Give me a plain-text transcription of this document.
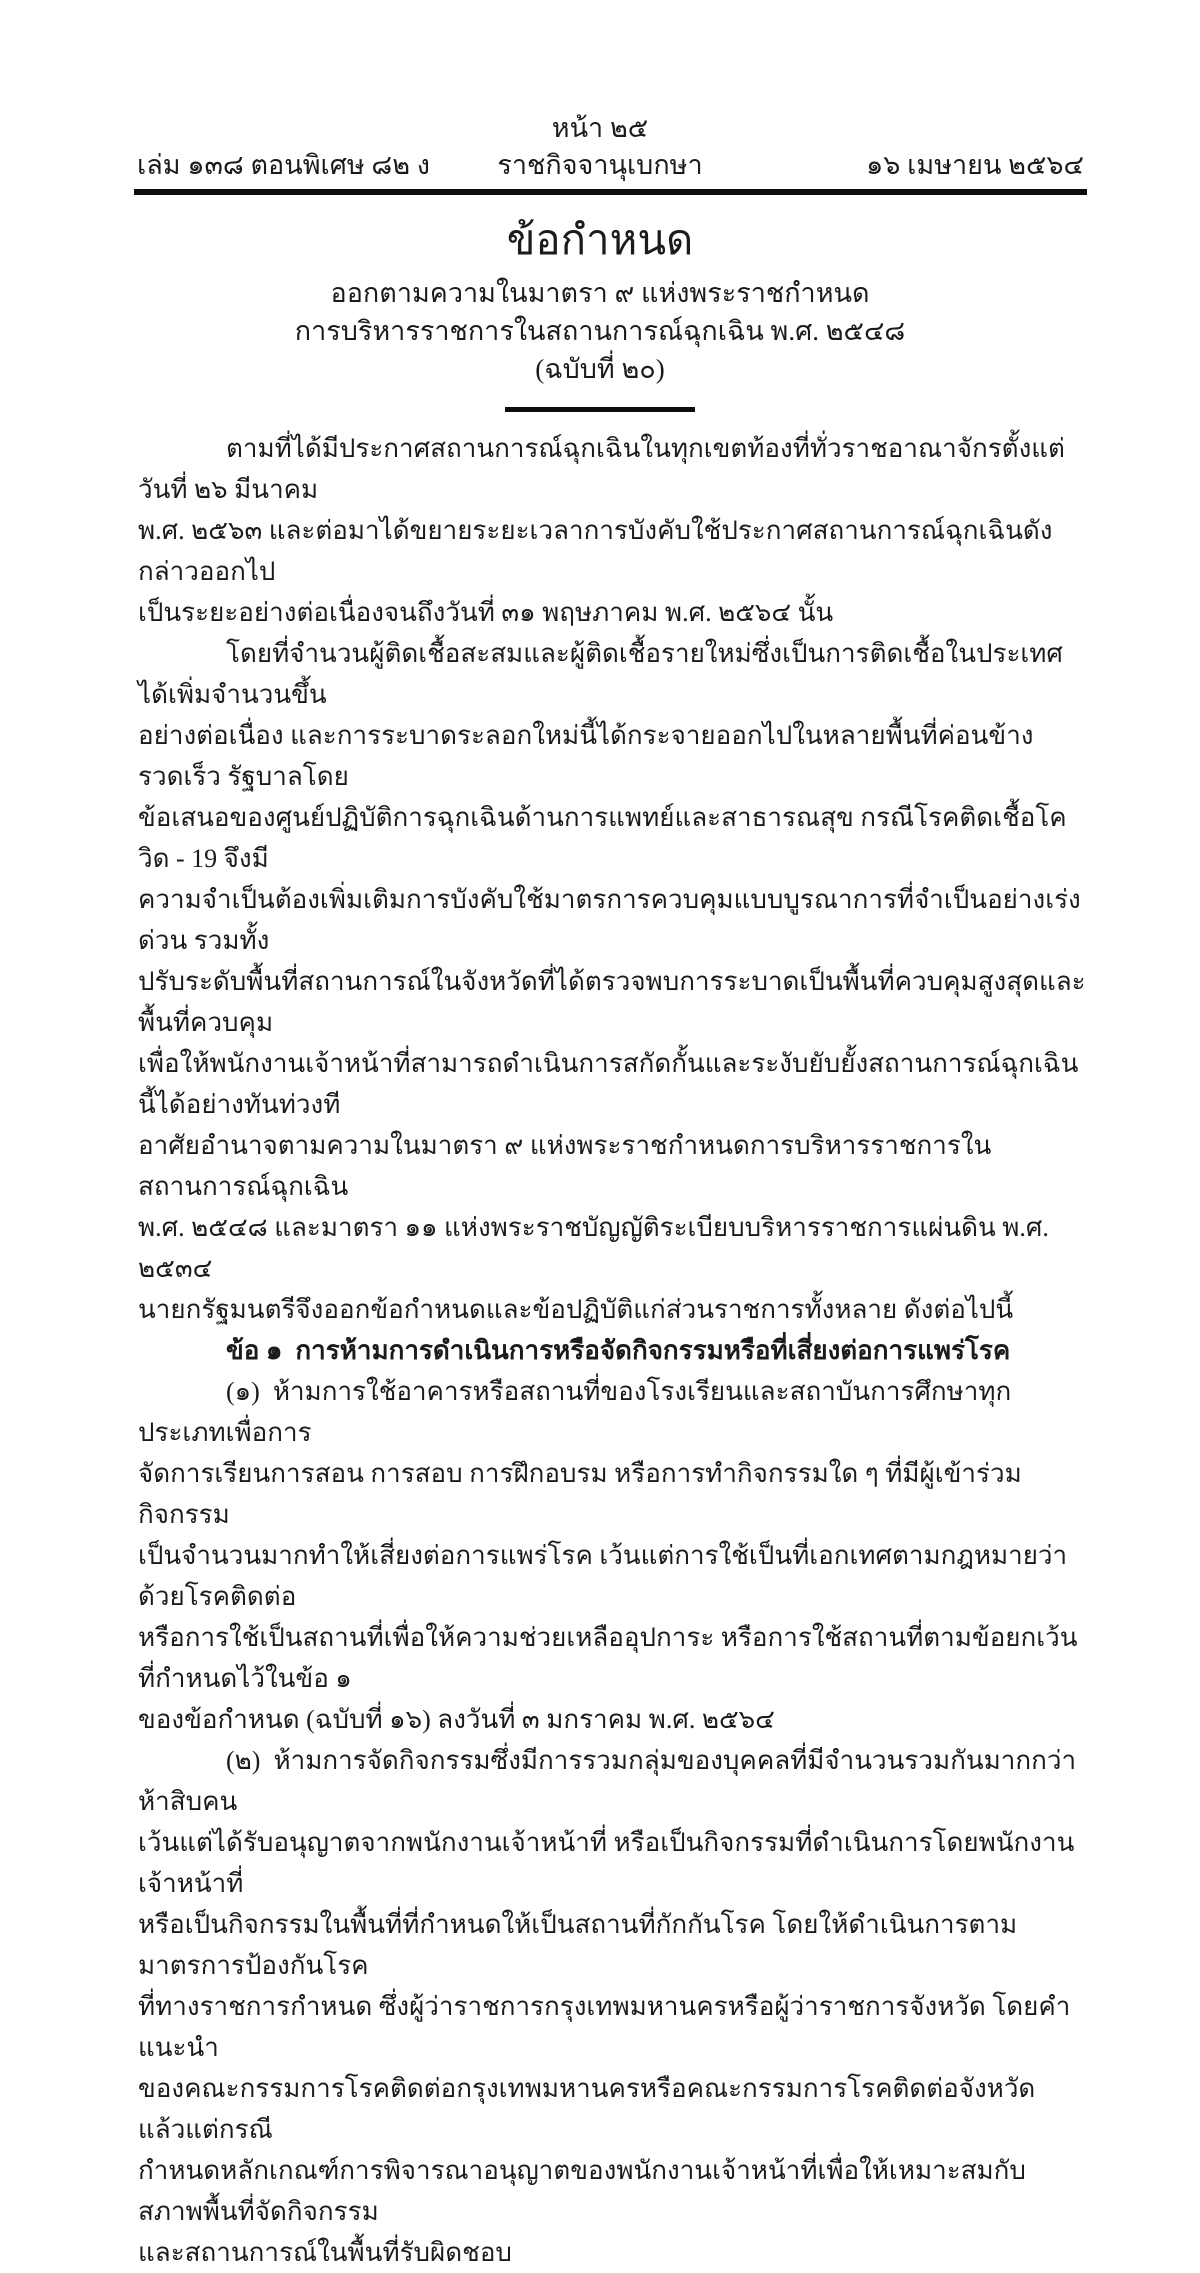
หน้า ๒๕
เล่ม ๑๓๘ ตอนพิเศษ ๘๒ ง	ราชกิจจานุเบกษา	๑๖ เมษายน ๒๕๖๔
ข้อกำหนด
ออกตามความในมาตรา ๙ แห่งพระราชกำหนด
การบริหารราชการในสถานการณ์ฉุกเฉิน พ.ศ. ๒๕๔๘
(ฉบับที่ ๒๐)
ตามที่ได้มีประกาศสถานการณ์ฉุกเฉินในทุกเขตท้องที่ทั่วราชอาณาจักรตั้งแต่วันที่ ๒๖ มีนาคม
พ.ศ. ๒๕๖๓ และต่อมาได้ขยายระยะเวลาการบังคับใช้ประกาศสถานการณ์ฉุกเฉินดังกล่าวออกไป
เป็นระยะอย่างต่อเนื่องจนถึงวันที่ ๓๑ พฤษภาคม พ.ศ. ๒๕๖๔ นั้น
โดยที่จำนวนผู้ติดเชื้อสะสมและผู้ติดเชื้อรายใหม่ซึ่งเป็นการติดเชื้อในประเทศได้เพิ่มจำนวนขึ้น
อย่างต่อเนื่อง และการระบาดระลอกใหม่นี้ได้กระจายออกไปในหลายพื้นที่ค่อนข้างรวดเร็ว รัฐบาลโดย
ข้อเสนอของศูนย์ปฏิบัติการฉุกเฉินด้านการแพทย์และสาธารณสุข กรณีโรคติดเชื้อโควิด - 19 จึงมี
ความจำเป็นต้องเพิ่มเติมการบังคับใช้มาตรการควบคุมแบบบูรณาการที่จำเป็นอย่างเร่งด่วน รวมทั้ง
ปรับระดับพื้นที่สถานการณ์ในจังหวัดที่ได้ตรวจพบการระบาดเป็นพื้นที่ควบคุมสูงสุดและพื้นที่ควบคุม
เพื่อให้พนักงานเจ้าหน้าที่สามารถดำเนินการสกัดกั้นและระงับยับยั้งสถานการณ์ฉุกเฉินนี้ได้อย่างทันท่วงที
อาศัยอำนาจตามความในมาตรา ๙ แห่งพระราชกำหนดการบริหารราชการในสถานการณ์ฉุกเฉิน
พ.ศ. ๒๕๔๘ และมาตรา ๑๑ แห่งพระราชบัญญัติระเบียบบริหารราชการแผ่นดิน พ.ศ. ๒๕๓๔
นายกรัฐมนตรีจึงออกข้อกำหนดและข้อปฏิบัติแก่ส่วนราชการทั้งหลาย ดังต่อไปนี้
ข้อ ๑  การห้ามการดำเนินการหรือจัดกิจกรรมหรือที่เสี่ยงต่อการแพร่โรค
(๑)  ห้ามการใช้อาคารหรือสถานที่ของโรงเรียนและสถาบันการศึกษาทุกประเภทเพื่อการ
จัดการเรียนการสอน การสอบ การฝึกอบรม หรือการทำกิจกรรมใด ๆ ที่มีผู้เข้าร่วมกิจกรรม
เป็นจำนวนมากทำให้เสี่ยงต่อการแพร่โรค เว้นแต่การใช้เป็นที่เอกเทศตามกฎหมายว่าด้วยโรคติดต่อ
หรือการใช้เป็นสถานที่เพื่อให้ความช่วยเหลืออุปการะ หรือการใช้สถานที่ตามข้อยกเว้นที่กำหนดไว้ในข้อ ๑
ของข้อกำหนด (ฉบับที่ ๑๖) ลงวันที่ ๓ มกราคม พ.ศ. ๒๕๖๔
(๒)  ห้ามการจัดกิจกรรมซึ่งมีการรวมกลุ่มของบุคคลที่มีจำนวนรวมกันมากกว่าห้าสิบคน
เว้นแต่ได้รับอนุญาตจากพนักงานเจ้าหน้าที่ หรือเป็นกิจกรรมที่ดำเนินการโดยพนักงานเจ้าหน้าที่
หรือเป็นกิจกรรมในพื้นที่ที่กำหนดให้เป็นสถานที่กักกันโรค โดยให้ดำเนินการตามมาตรการป้องกันโรค
ที่ทางราชการกำหนด ซึ่งผู้ว่าราชการกรุงเทพมหานครหรือผู้ว่าราชการจังหวัด โดยคำแนะนำ
ของคณะกรรมการโรคติดต่อกรุงเทพมหานครหรือคณะกรรมการโรคติดต่อจังหวัด แล้วแต่กรณี
กำหนดหลักเกณฑ์การพิจารณาอนุญาตของพนักงานเจ้าหน้าที่เพื่อให้เหมาะสมกับสภาพพื้นที่จัดกิจกรรม
และสถานการณ์ในพื้นที่รับผิดชอบ
